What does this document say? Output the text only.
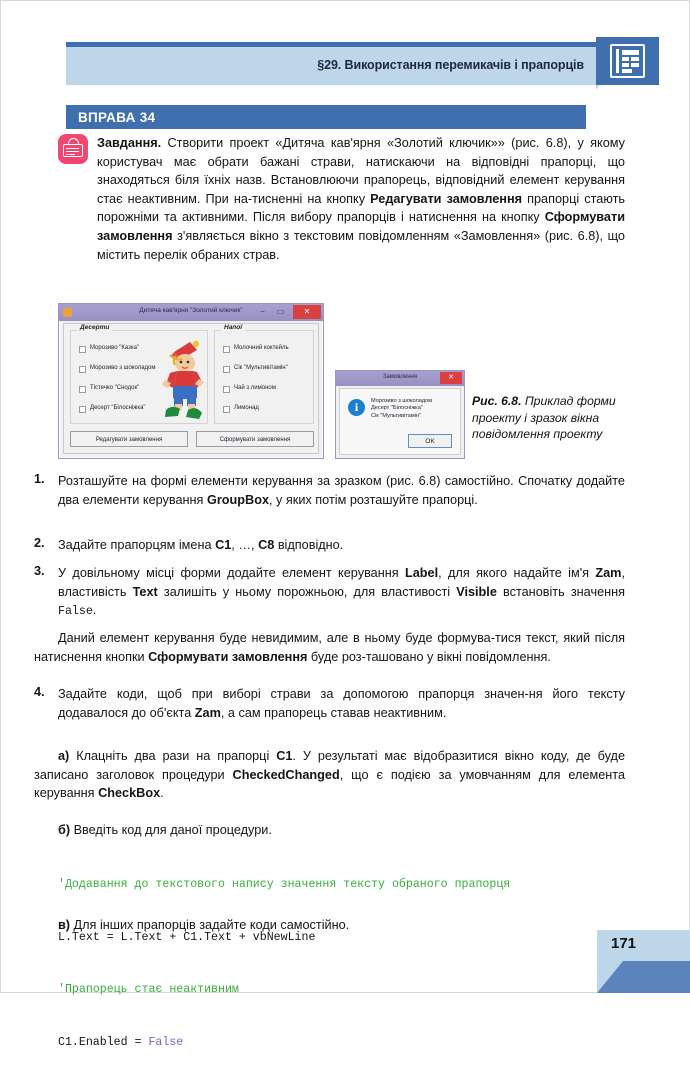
§29. Використання перемикачів і прапорців
ВПРАВА 34
Завдання. Створити проект «Дитяча кав'ярня «Золотий ключик»» (рис. 6.8), у якому користувач має обрати бажані страви, натискаючи на відповідні прапорці, що знаходяться біля їхніх назв. Встановлюючи прапорець, відповідний елемент керування стає неактивним. При на-тисненні на кнопку Редагувати замовлення прапорці стають порожніми та активними. Після вибору прапорців і натиснення на кнопку Сформувати замовлення з'являється вікно з текстовим повідомленням «Замовлення» (рис. 6.8), що містить перелік обраних страв.
Дитяча кав'ярня "Золотий ключик"	−	▭	✕
Десерти
Морозиво "Казка"
Морозиво з шоколадом
Тістечко "Снодок"
Десерт "Білосніжка"
Напої
Молочний коктейль
Сік "Мультивітамін"
Чай з лимоном
Лимонад
Редагувати замовлення	Сформувати замовлення
Замовлення	✕
i	Морозиво з шоколадом
Десерт "Білосніжка"
Сік "Мультивітамін"
OK
Рис. 6.8. Приклад форми проекту і зразок вікна повідомлення проекту
1. Розташуйте на формі елементи керування за зразком (рис. 6.8) самостійно. Спочатку додайте два елементи керування GroupBox, у яких потім розташуйте прапорці.
2. Задайте прапорцям імена C1, …, C8 відповідно.
3. У довільному місці форми додайте елемент керування Label, для якого надайте ім'я Zam, властивість Text залишіть у ньому порожньою, для властивості Visible встановіть значення False.
Даний елемент керування буде невидимим, але в ньому буде формува-тися текст, який після натиснення кнопки Сформувати замовлення буде роз-ташовано у вікні повідомлення.
4. Задайте коди, щоб при виборі страви за допомогою прапорця значен-ня його тексту додавалося до об'єкта Zam, а сам прапорець ставав неактивним.
а) Клацніть два рази на прапорці C1. У результаті має відобразитися вікно коду, де буде записано заголовок процедури CheckedChanged, що є подією за умовчанням для елемента керування CheckBox.
б) Введіть код для даної процедури.

'Додавання до текстового напису значення тексту обраного прапорця

L.Text = L.Text + C1.Text + vbNewLine

'Прапорець стає неактивним

C1.Enabled = False

в) Для інших прапорців задайте коди самостійно.
171
